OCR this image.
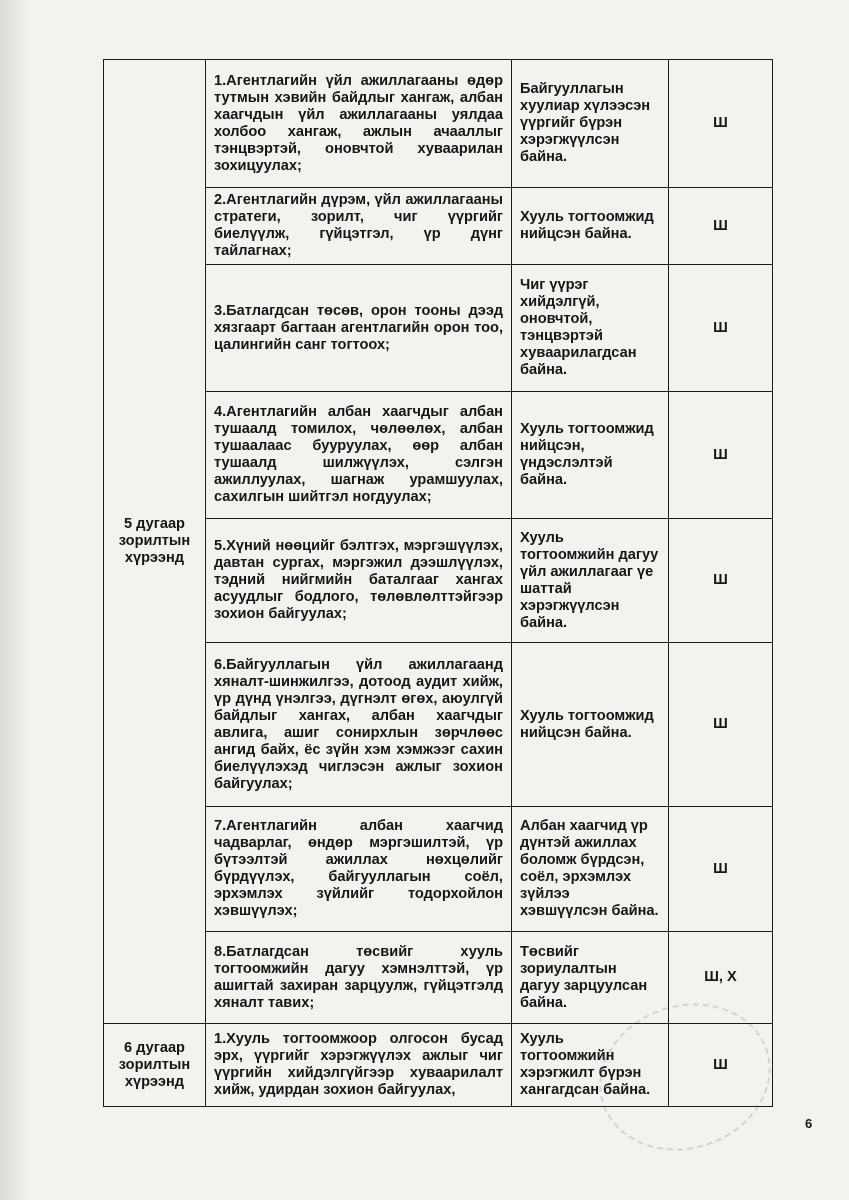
5 дугаар зорилтын хүрээнд	1.Агентлагийн үйл ажиллагааны өдөр тутмын хэвийн байдлыг хангаж, албан хаагчдын үйл ажиллагааны уялдаа холбоо хангаж, ажлын ачааллыг тэнцвэртэй, оновчтой хуваарилан зохицуулах;	Байгууллагын хуулиар хүлээсэн үүргийг бүрэн хэрэгжүүлсэн байна.	Ш
	2.Агентлагийн дүрэм, үйл ажиллагааны стратеги, зорилт, чиг үүргийг биелүүлж, гүйцэтгэл, үр дүнг тайлагнах;	Хууль тогтоомжид нийцсэн байна.	Ш
	3.Батлагдсан төсөв, орон тооны дээд хязгаарт багтаан агентлагийн орон тоо, цалингийн санг тогтоох;	Чиг үүрэг хийдэлгүй, оновчтой, тэнцвэртэй хуваарилагдсан байна.	Ш
	4.Агентлагийн албан хаагчдыг албан тушаалд томилох, чөлөөлөх, албан тушаалаас бууруулах, өөр албан тушаалд шилжүүлэх, сэлгэн ажиллуулах, шагнаж урамшуулах, сахилгын шийтгэл ногдуулах;	Хууль тогтоомжид нийцсэн, үндэслэлтэй байна.	Ш
	5.Хүний нөөцийг бэлтгэх, мэргэшүүлэх, давтан сургах, мэргэжил дээшлүүлэх, тэдний нийгмийн баталгааг хангах асуудлыг бодлого, төлөвлөлттэйгээр зохион байгуулах;	Хууль тогтоомжийн дагуу үйл ажиллагааг үе шаттай хэрэгжүүлсэн байна.	Ш
	6.Байгууллагын үйл ажиллагаанд хяналт-шинжилгээ, дотоод аудит хийж, үр дүнд үнэлгээ, дүгнэлт өгөх, аюулгүй байдлыг хангах, албан хаагчдыг авлига, ашиг сонирхлын зөрчлөөс ангид байх, ёс зүйн хэм хэмжээг сахин биелүүлэхэд чиглэсэн ажлыг зохион байгуулах;	Хууль тогтоомжид нийцсэн байна.	Ш
	7.Агентлагийн албан хаагчид чадварлаг, өндөр мэргэшилтэй, үр бүтээлтэй ажиллах нөхцөлийг бүрдүүлэх, байгууллагын соёл, эрхэмлэх зүйлийг тодорхойлон хэвшүүлэх;	Албан хаагчид үр дүнтэй ажиллах боломж бүрдсэн, соёл, эрхэмлэх зүйлээ хэвшүүлсэн байна.	Ш
	8.Батлагдсан төсвийг хууль тогтоомжийн дагуу хэмнэлттэй, үр ашигтай захиран зарцуулж, гүйцэтгэлд хяналт тавих;	Төсвийг зориулалтын дагуу зарцуулсан байна.	Ш, Х
6 дугаар зорилтын хүрээнд	1.Хууль тогтоомжоор олгосон бусад эрх, үүргийг хэрэгжүүлэх ажлыг чиг үүргийн хийдэлгүйгээр хуваарилалт хийж, удирдан зохион байгуулах,	Хууль тогтоомжийн хэрэгжилт бүрэн хангагдсан байна.	Ш
6
